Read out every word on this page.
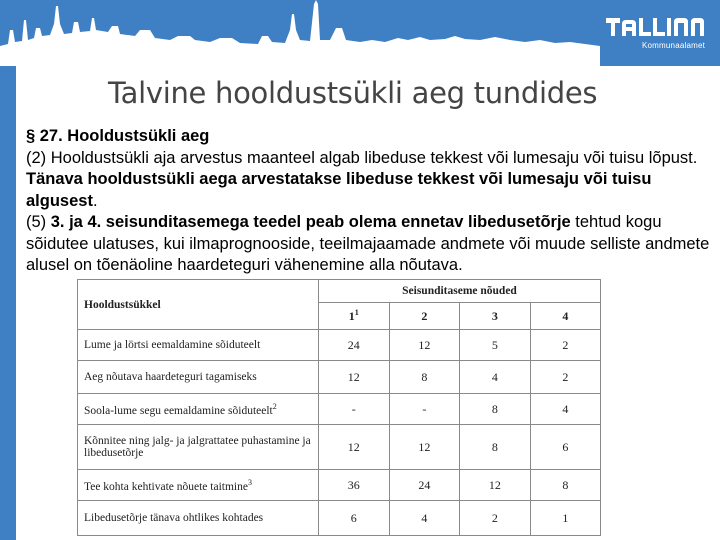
Kommunaalamet
Talvine hooldustsükli aeg tundides

§ 27. Hooldustsükli aeg

(2) Hooldustsükli aja arvestus maanteel algab libeduse tekkest või lumesaju või tuisu lõpust. Tänava hooldustsükli aega arvestatakse libeduse tekkest või lumesaju või tuisu algusest.

(5) 3. ja 4. seisunditasemega teedel peab olema ennetav libedusetõrje tehtud kogu sõidutee ulatuses, kui ilmaprognooside, teeilmajaamade andmete või muude selliste andmete alusel on tõenäoline haardeteguri vähenemine alla nõutava.

Hooldustsükkel	Seisunditaseme nõuded			
	$1^1$	2	3	4
Lume ja lörtsi eemaldamine sõiduteelt	24	12	5	2
Aeg nõutava haardeteguri tagamiseks	12	8	4	2
Soola-lume segu eemaldamine sõiduteelt$^2$	-	-	8	4
Kõnnitee ning jalg- ja jalgrattatee puhastamine ja libedusetõrje	12	12	8	6
Tee kohta kehtivate nõuete taitmine$^3$	36	24	12	8
Libedusetõrje tänava ohtlikes kohtades	6	4	2	1
